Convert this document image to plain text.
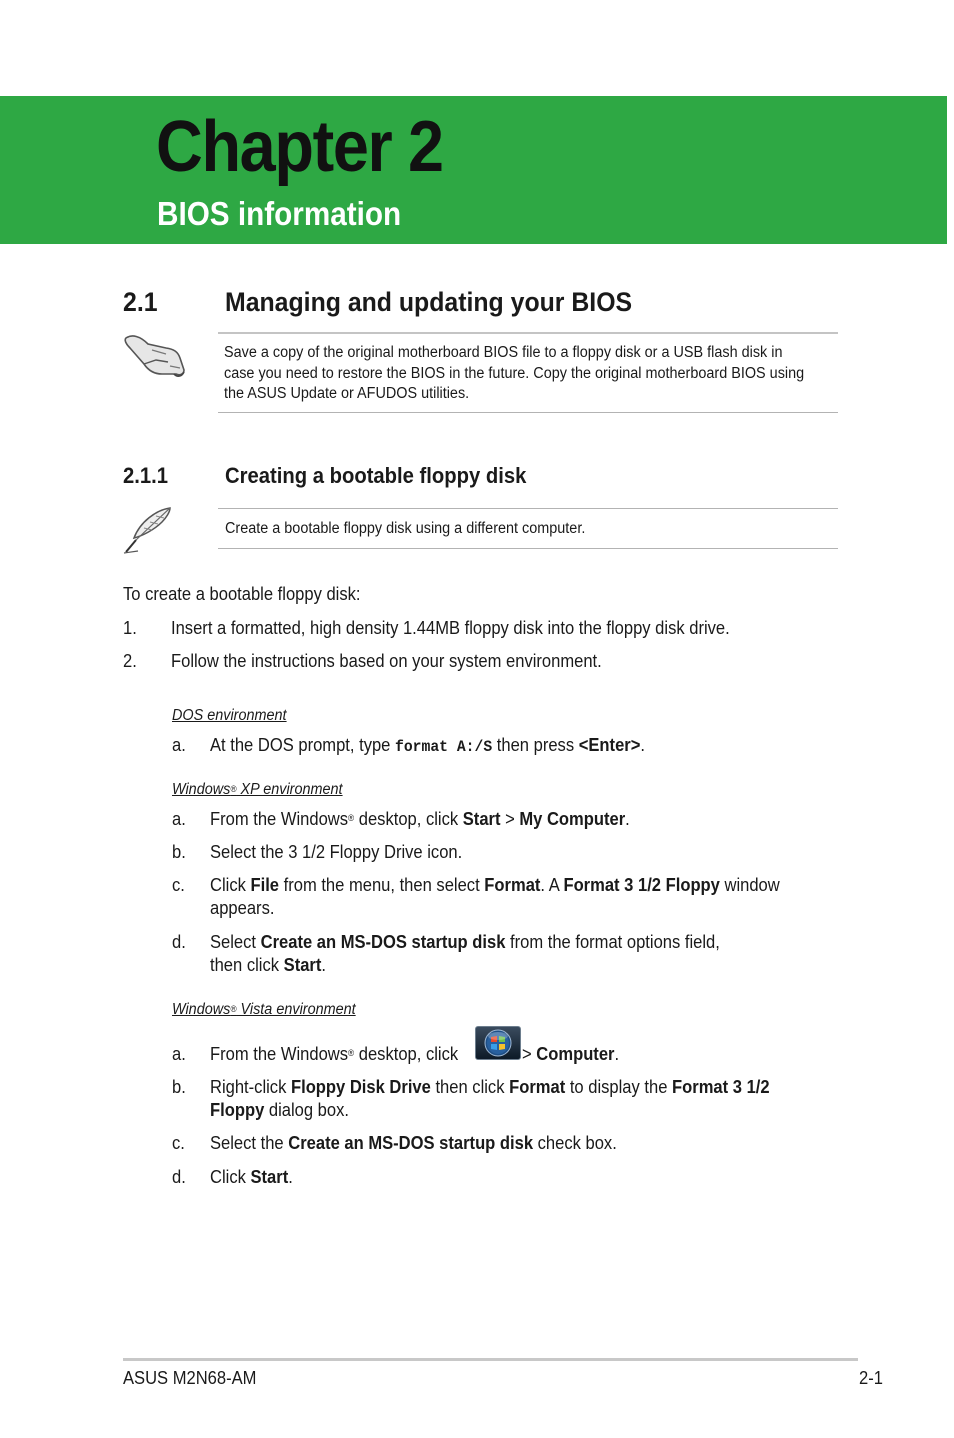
Chapter 2
BIOS information
2.1 Managing and updating your BIOS
Save a copy of the original motherboard BIOS file to a floppy disk or a USB flash disk in
case you need to restore the BIOS in the future. Copy the original motherboard BIOS using
the ASUS Update or AFUDOS utilities.
2.1.1	Creating a bootable floppy disk
Create a bootable floppy disk using a different computer.
To create a bootable floppy disk:
1. Insert a formatted, high density 1.44MB floppy disk into the floppy disk drive.
2. Follow the instructions based on your system environment.
DOS environment
a. At the DOS prompt, type format A:/S then press <Enter>.
Windows® XP environment
a. From the Windows® desktop, click Start > My Computer.
b. Select the 3 1/2 Floppy Drive icon.
c. Click File from the menu, then select Format. A Format 3 1/2 Floppy window
appears.
d. Select Create an MS-DOS startup disk from the format options field,
then click Start.
Windows® Vista environment
a. From the Windows® desktop, click	> Computer.
b. Right-click Floppy Disk Drive then click Format to display the Format 3 1/2
Floppy dialog box.
c. Select the Create an MS-DOS startup disk check box.
d. Click Start.
ASUS M2N68-AM	2-1
